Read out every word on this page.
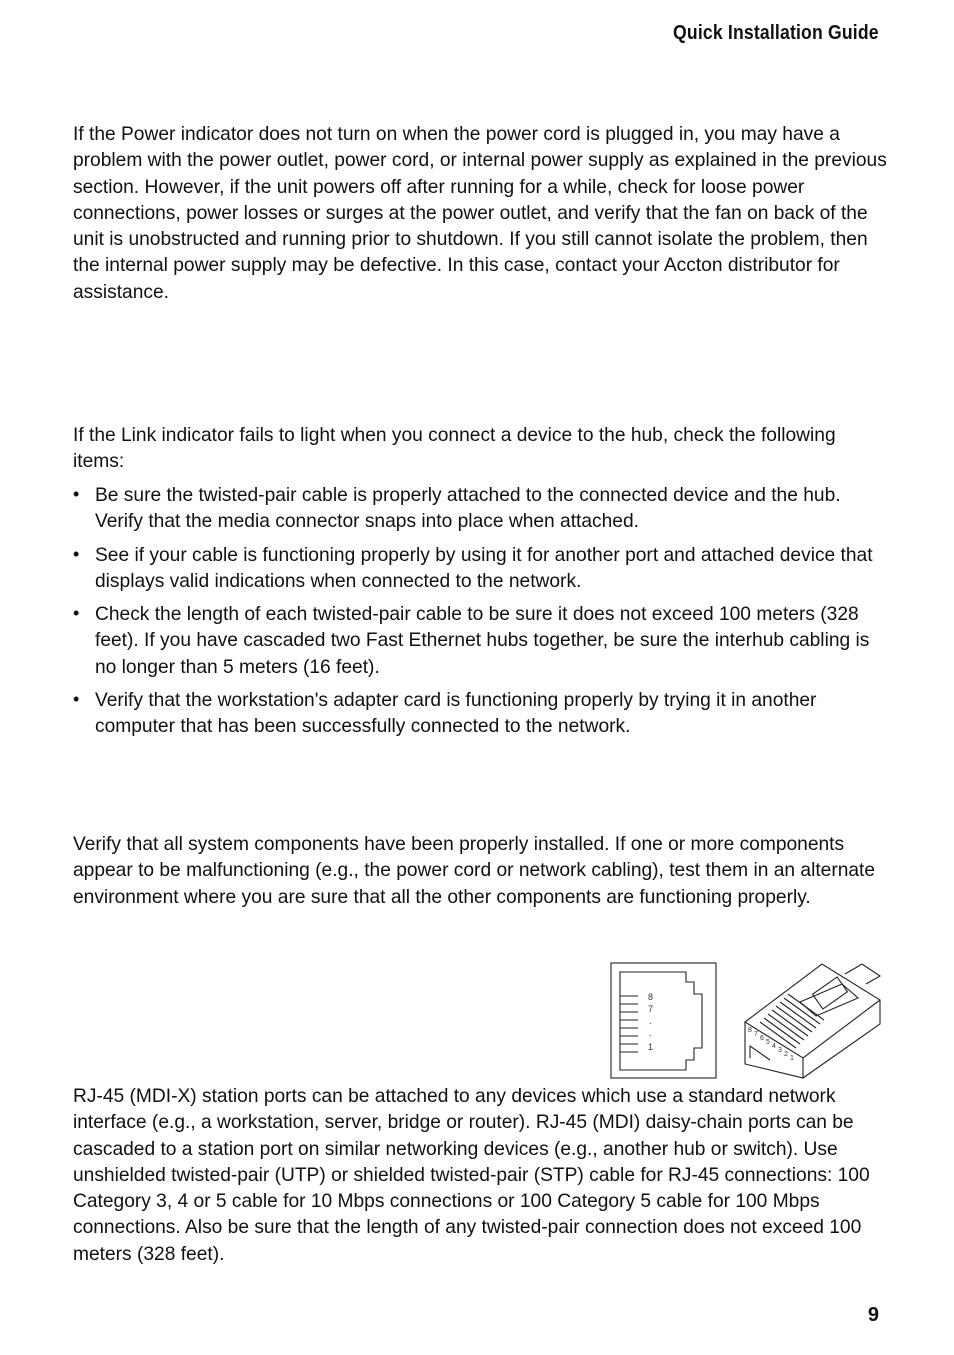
Quick Installation Guide

If the Power indicator does not turn on when the power cord is plugged in, you may have a problem with the power outlet, power cord, or internal power supply as explained in the previous section. However, if the unit powers off after running for a while, check for loose power connections, power losses or surges at the power outlet, and verify that the fan on back of the unit is unobstructed and running prior to shutdown. If you still cannot isolate the problem, then the internal power supply may be defective. In this case, contact your Accton distributor for assistance.

If the Link indicator fails to light when you connect a device to the hub, check the following items:

• Be sure the twisted-pair cable is properly attached to the connected device and the hub. Verify that the media connector snaps into place when attached.
• See if your cable is functioning properly by using it for another port and attached device that displays valid indications when connected to the network.
• Check the length of each twisted-pair cable to be sure it does not exceed 100 meters (328 feet). If you have cascaded two Fast Ethernet hubs together, be sure the interhub cabling is no longer than 5 meters (16 feet).
• Verify that the workstation's adapter card is functioning properly by trying it in another computer that has been successfully connected to the network.

Verify that all system components have been properly installed. If one or more components appear to be malfunctioning (e.g., the power cord or network cabling), test them in an alternate environment where you are sure that all the other components are functioning properly.

8
7
.
.
1
8
7
6
5
4
3
2
1

RJ-45 (MDI-X) station ports can be attached to any devices which use a standard network interface (e.g., a workstation, server, bridge or router). RJ-45 (MDI) daisy-chain ports can be cascaded to a station port on similar networking devices (e.g., another hub or switch). Use unshielded twisted-pair (UTP) or shielded twisted-pair (STP) cable for RJ-45 connections: 100 Category 3, 4 or 5 cable for 10 Mbps connections or 100 Category 5 cable for 100 Mbps connections. Also be sure that the length of any twisted-pair connection does not exceed 100 meters (328 feet).

9
